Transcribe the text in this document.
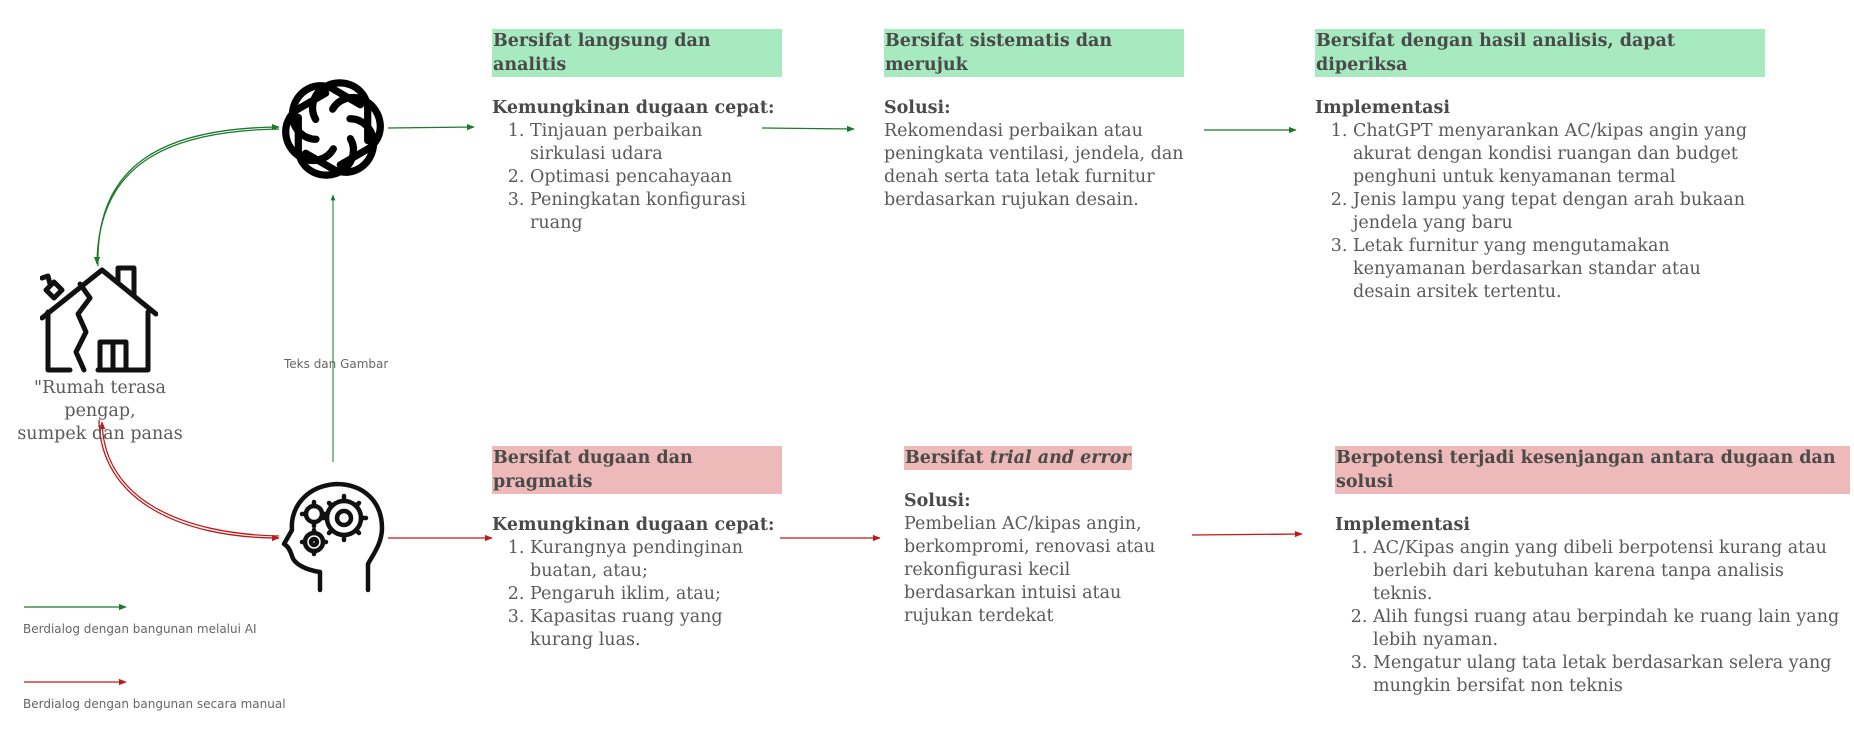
"Rumah terasa pengap,
sumpek dan panas
Teks dan Gambar
Berdialog dengan bangunan melalui AI
Berdialog dengan bangunan secara manual
Bersifat langsung dan analitis
Kemungkinan dugaan cepat:
1. Tinjauan perbaikan sirkulasi udara
2. Optimasi pencahayaan
3. Peningkatan konfigurasi ruang
Bersifat sistematis dan merujuk
Solusi:

Rekomendasi perbaikan atau peningkata ventilasi, jendela, dan denah serta tata letak furnitur berdasarkan rujukan desain.

Bersifat dengan hasil analisis, dapat diperiksa
Implementasi
1. ChatGPT menyarankan AC/kipas angin yang akurat dengan kondisi ruangan dan budget penghuni untuk kenyamanan termal
2. Jenis lampu yang tepat dengan arah bukaan jendela yang baru
3. Letak furnitur yang mengutamakan kenyamanan berdasarkan standar atau desain arsitek tertentu.
Bersifat dugaan dan pragmatis
Kemungkinan dugaan cepat:
1. Kurangnya pendinginan buatan, atau;
2. Pengaruh iklim, atau;
3. Kapasitas ruang yang kurang luas.
Bersifat trial and error
Solusi:

Pembelian AC/kipas angin, berkompromi, renovasi atau rekonfigurasi kecil berdasarkan intuisi atau rujukan terdekat

Berpotensi terjadi kesenjangan antara dugaan dan solusi
Implementasi
1. AC/Kipas angin yang dibeli berpotensi kurang atau berlebih dari kebutuhan karena tanpa analisis teknis.
2. Alih fungsi ruang atau berpindah ke ruang lain yang lebih nyaman.
3. Mengatur ulang tata letak berdasarkan selera yang mungkin bersifat non teknis
